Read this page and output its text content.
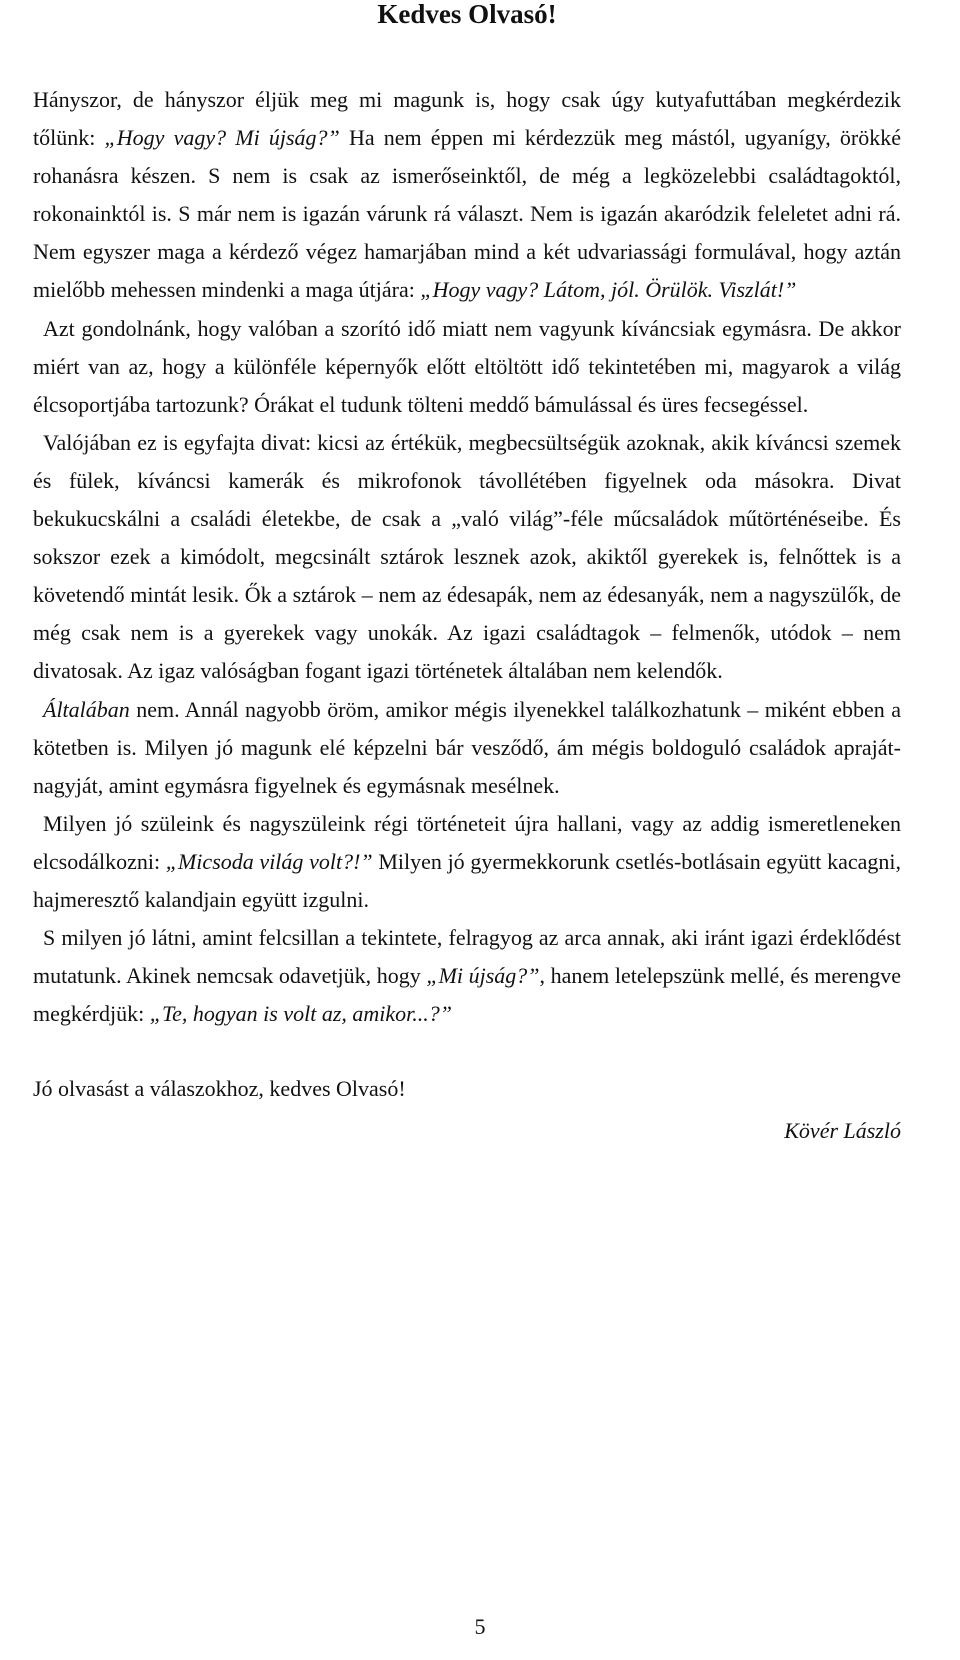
Kedves Olvasó!

Hányszor, de hányszor éljük meg mi magunk is, hogy csak úgy kutyafuttában megkérdezik tőlünk: „Hogy vagy? Mi újság?” Ha nem éppen mi kérdezzük meg mástól, ugyanígy, örökké rohanásra készen. S nem is csak az ismerőseinktől, de még a legközelebbi családtagoktól, rokonainktól is. S már nem is igazán várunk rá választ. Nem is igazán akaródzik feleletet adni rá. Nem egyszer maga a kérdező végez hamarjában mind a két udvariassági formulával, hogy aztán mielőbb mehessen mindenki a maga útjára: „Hogy vagy? Látom, jól. Örülök. Viszlát!”

Azt gondolnánk, hogy valóban a szorító idő miatt nem vagyunk kíváncsiak egymásra. De akkor miért van az, hogy a különféle képernyők előtt eltöltött idő tekintetében mi, magyarok a világ élcsoportjába tartozunk? Órákat el tudunk tölteni meddő bámulással és üres fecsegéssel.

Valójában ez is egyfajta divat: kicsi az értékük, megbecsültségük azoknak, akik kíváncsi szemek és fülek, kíváncsi kamerák és mikrofonok távollétében figyelnek oda másokra. Divat bekukucskálni a családi életekbe, de csak a „való világ”-féle műcsaládok műtörténéseibe. És sokszor ezek a kimódolt, megcsinált sztárok lesznek azok, akiktől gyerekek is, felnőttek is a követendő mintát lesik. Ők a sztárok – nem az édesapák, nem az édesanyák, nem a nagyszülők, de még csak nem is a gyerekek vagy unokák. Az igazi családtagok – felmenők, utódok – nem divatosak. Az igaz valóságban fogant igazi történetek általában nem kelendők.

Általában nem. Annál nagyobb öröm, amikor mégis ilyenekkel találkozhatunk – miként ebben a kötetben is. Milyen jó magunk elé képzelni bár vesződő, ám mégis boldoguló családok apraját-nagyját, amint egymásra figyelnek és egymásnak mesélnek.

Milyen jó szüleink és nagyszüleink régi történeteit újra hallani, vagy az addig ismeretleneken elcsodálkozni: „Micsoda világ volt?!” Milyen jó gyermekkorunk csetlés-botlásain együtt kacagni, hajmeresztő kalandjain együtt izgulni.

S milyen jó látni, amint felcsillan a tekintete, felragyog az arca annak, aki iránt igazi érdeklődést mutatunk. Akinek nemcsak odavetjük, hogy „Mi újság?”, hanem letelepszünk mellé, és merengve megkérdjük: „Te, hogyan is volt az, amikor...?”

Jó olvasást a válaszokhoz, kedves Olvasó!

Kövér László

5
